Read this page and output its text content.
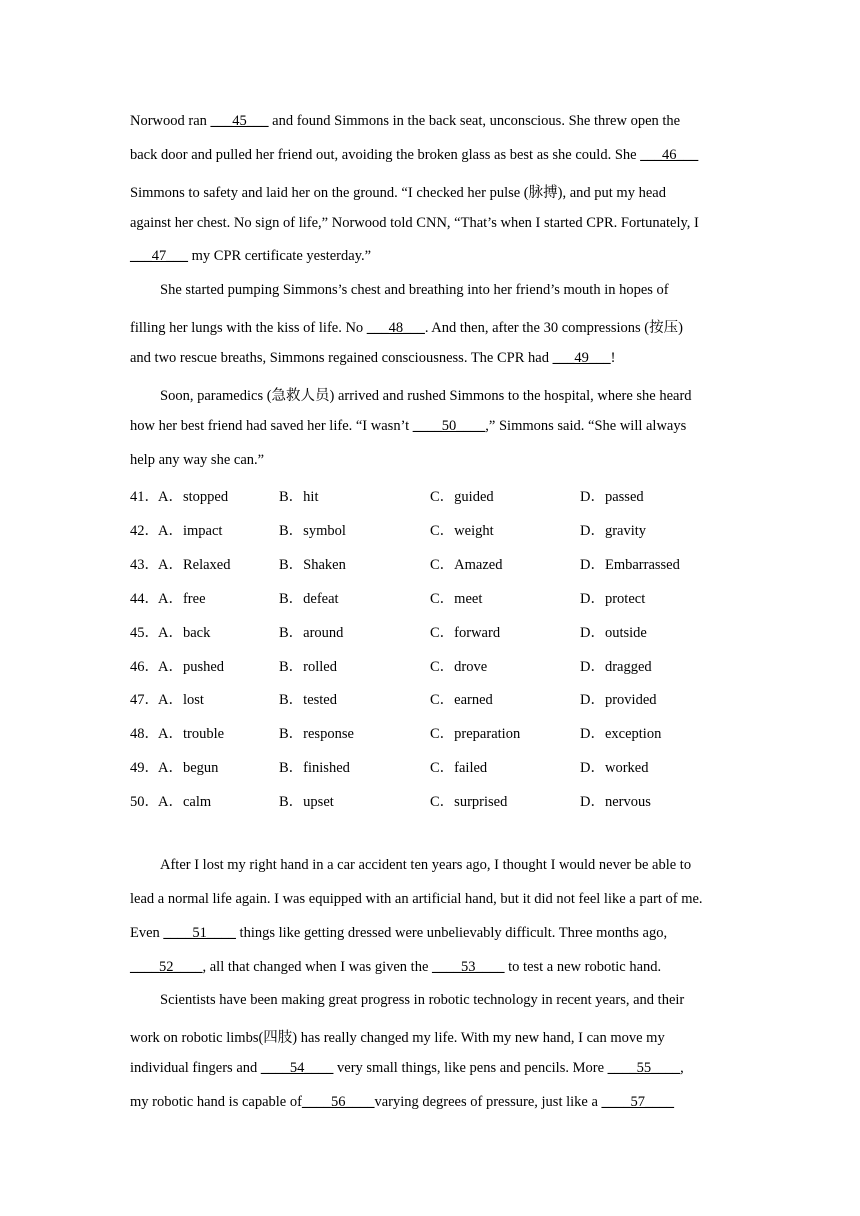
Norwood ran ___45___ and found Simmons in the back seat, unconscious. She threw open the
back door and pulled her friend out, avoiding the broken glass as best as she could. She ___46___
Simmons to safety and laid her on the ground. “I checked her pulse (脉搏), and put my head
against her chest. No sign of life,” Norwood told CNN, “That’s when I started CPR. Fortunately, I
___47___ my CPR certificate yesterday.”
She started pumping Simmons’s chest and breathing into her friend’s mouth in hopes of
filling her lungs with the kiss of life. No ___48___. And then, after the 30 compressions (按压)
and two rescue breaths, Simmons regained consciousness. The CPR had ___49___!
Soon, paramedics (急救人员) arrived and rushed Simmons to the hospital, where she heard
how her best friend had saved her life. “I wasn’t ____50____,” Simmons said. “She will always
help any way she can.”
41． A．stopped	B．hit	C．guided	D．passed
42． A．impact	B．symbol	C．weight	D．gravity
43． A．Relaxed	B．Shaken	C．Amazed	D．Embarrassed
44． A．free	B．defeat	C．meet	D．protect
45． A．back	B．around	C．forward	D．outside
46． A．pushed	B．rolled	C．drove	D．dragged
47． A．lost	B．tested	C．earned	D．provided
48． A．trouble	B．response	C．preparation	D．exception
49． A．begun	B．finished	C．failed	D．worked
50． A．calm	B．upset	C．surprised	D．nervous
After I lost my right hand in a car accident ten years ago, I thought I would never be able to
lead a normal life again. I was equipped with an artificial hand, but it did not feel like a part of me.
Even ____51____ things like getting dressed were unbelievably difficult. Three months ago,
____52____, all that changed when I was given the ____53____ to test a new robotic hand.
Scientists have been making great progress in robotic technology in recent years, and their
work on robotic limbs(四肢) has really changed my life. With my new hand, I can move my
individual fingers and ____54____ very small things, like pens and pencils. More ____55____,
my robotic hand is capable of____56____varying degrees of pressure, just like a ____57____
